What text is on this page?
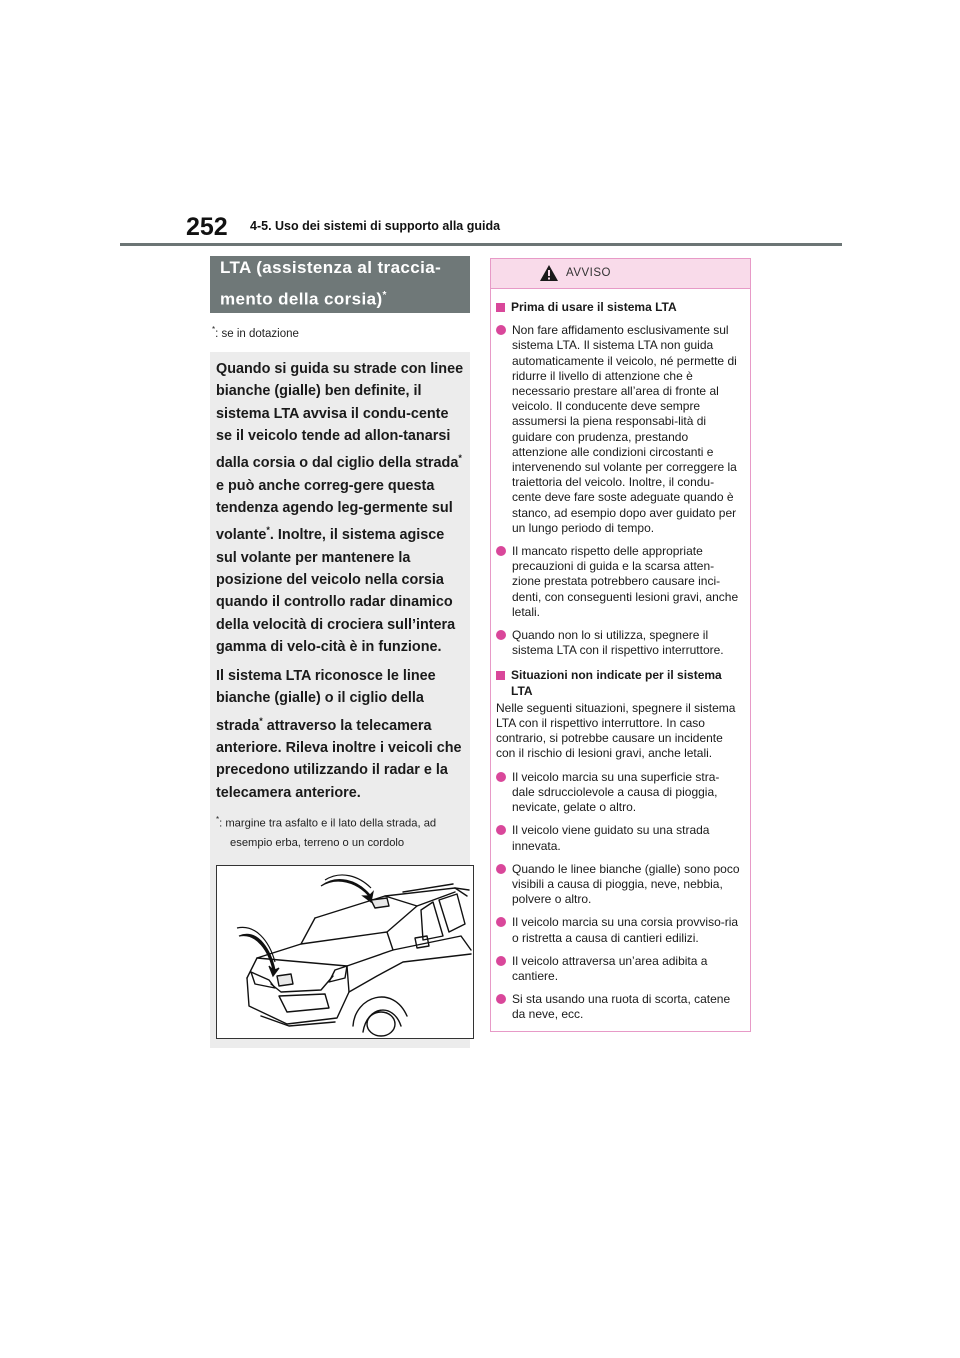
252 4-5. Uso dei sistemi di supporto alla guida
LTA (assistenza al traccia-
mento della corsia)*
*: se in dotazione
Quando si guida su strade con linee bianche (gialle) ben definite, il sistema LTA avvisa il condu-cente se il veicolo tende ad allon-tanarsi dalla corsia o dal ciglio della strada* e può anche correg-gere questa tendenza agendo leg-germente sul volante*. Inoltre, il sistema agisce sul volante per mantenere la posizione del veicolo nella corsia quando il controllo radar dinamico della velocità di crociera sull’intera gamma di velo-cità è in funzione.
Il sistema LTA riconosce le linee bianche (gialle) o il ciglio della strada* attraverso la telecamera anteriore. Rileva inoltre i veicoli che precedono utilizzando il radar e la telecamera anteriore.
*: margine tra asfalto e il lato della strada, ad esempio erba, terreno o un cordolo
AVVISO
Prima di usare il sistema LTA
Non fare affidamento esclusivamente sul sistema LTA. Il sistema LTA non guida automaticamente il veicolo, né permette di ridurre il livello di attenzione che è necessario prestare all’area di fronte al veicolo. Il conducente deve sempre assumersi la piena responsabi-lità di guidare con prudenza, prestando attenzione alle condizioni circostanti e intervenendo sul volante per correggere la traiettoria del veicolo. Inoltre, il condu-cente deve fare soste adeguate quando è stanco, ad esempio dopo aver guidato per un lungo periodo di tempo.
Il mancato rispetto delle appropriate precauzioni di guida e la scarsa atten-zione prestata potrebbero causare inci-denti, con conseguenti lesioni gravi, anche letali.
Quando non lo si utilizza, spegnere il sistema LTA con il rispettivo interruttore.
Situazioni non indicate per il sistema LTA
Nelle seguenti situazioni, spegnere il sistema LTA con il rispettivo interruttore. In caso contrario, si potrebbe causare un incidente con il rischio di lesioni gravi, anche letali.
Il veicolo marcia su una superficie stra-dale sdrucciolevole a causa di pioggia, nevicate, gelate o altro.
Il veicolo viene guidato su una strada innevata.
Quando le linee bianche (gialle) sono poco visibili a causa di pioggia, neve, nebbia, polvere o altro.
Il veicolo marcia su una corsia provviso-ria o ristretta a causa di cantieri edilizi.
Il veicolo attraversa un’area adibita a cantiere.
Si sta usando una ruota di scorta, catene da neve, ecc.
